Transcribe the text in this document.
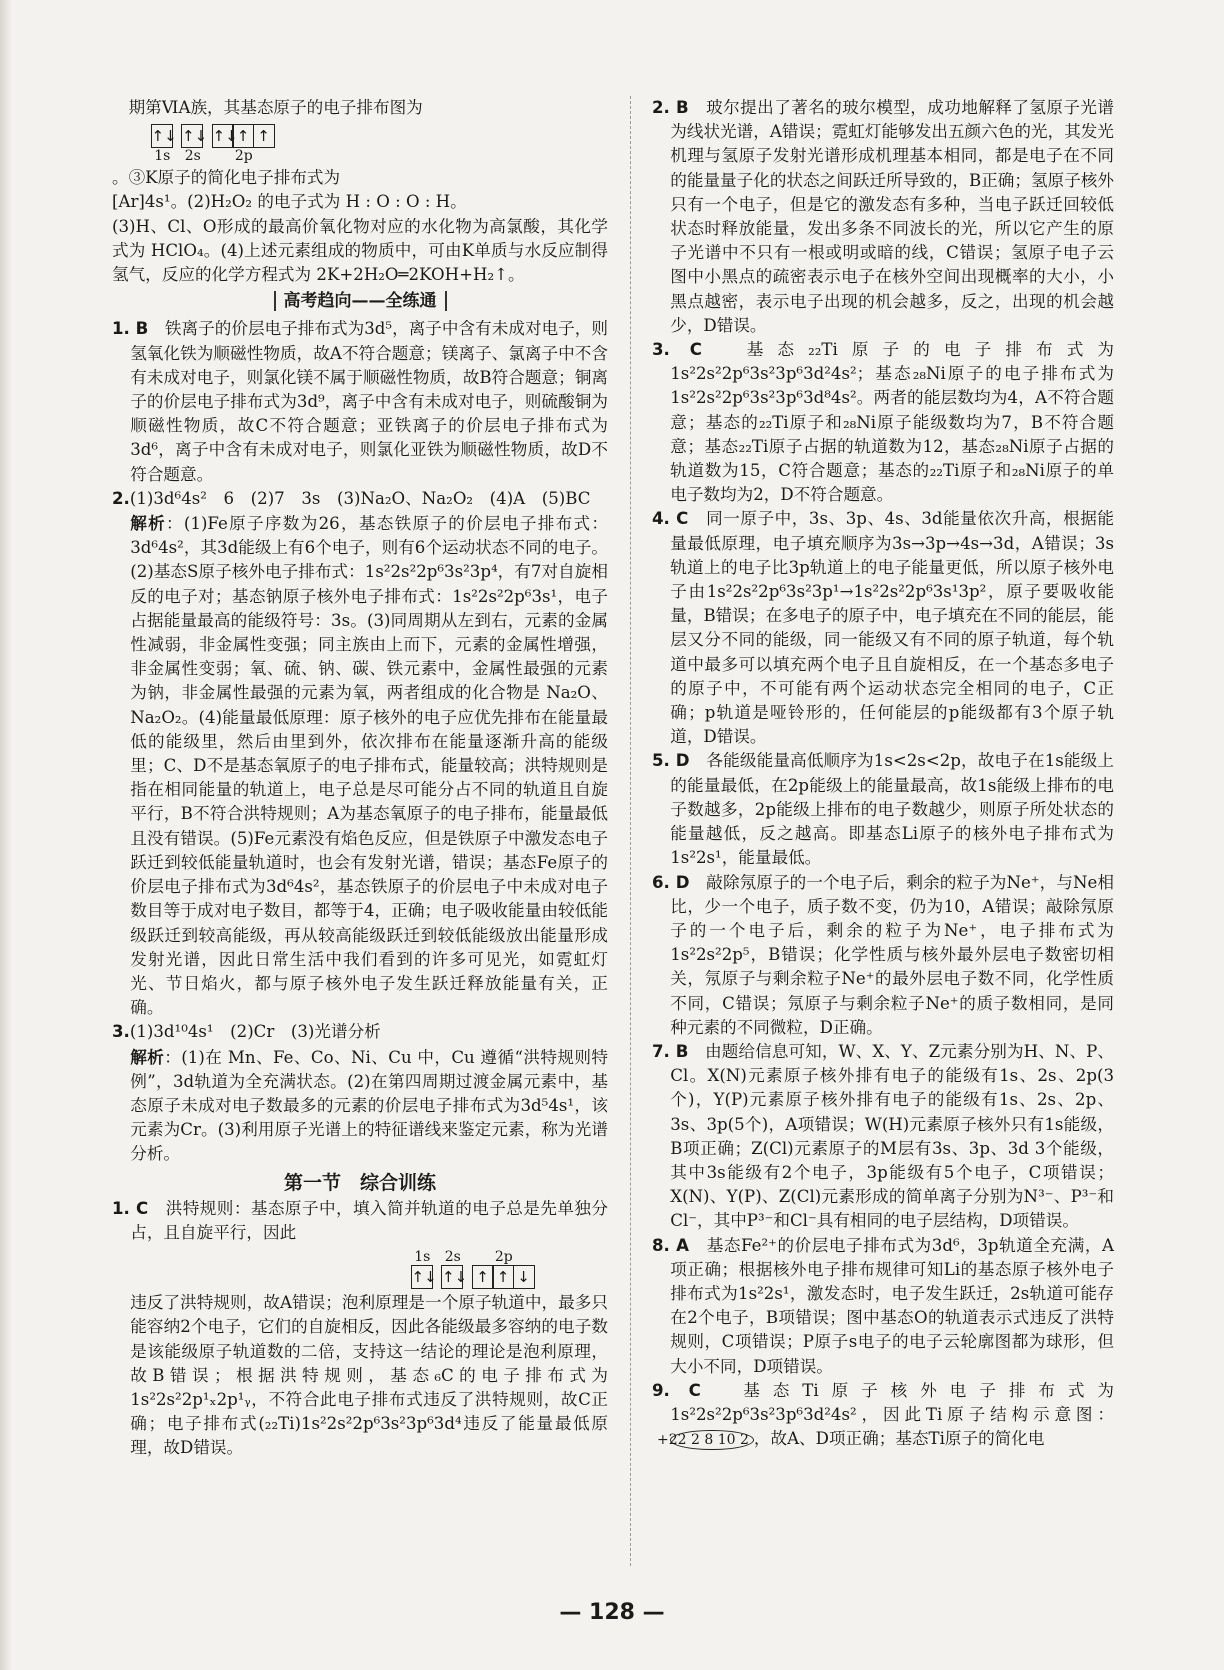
期第ⅥA族，其基态原子的电子排布图为

↑↓
1s
↑↓
2s
↑↓ ↑ ↑
2p

。③K原子的简化电子排布式为

[Ar]4s¹。(2)H₂O₂ 的电子式为 H : O : O : H。

(3)H、Cl、O形成的最高价氧化物对应的水化物为高氯酸，其化学式为 HClO₄。(4)上述元素组成的物质中，可由K单质与水反应制得氢气，反应的化学方程式为 2K+2H₂O═2KOH+H₂↑。

高考趋向——全练通

1. B　 铁离子的价层电子排布式为3d⁵，离子中含有未成对电子，则氢氧化铁为顺磁性物质，故A不符合题意；镁离子、氯离子中不含有未成对电子，则氯化镁不属于顺磁性物质，故B符合题意；铜离子的价层电子排布式为3d⁹，离子中含有未成对电子，则硫酸铜为顺磁性物质，故C不符合题意；亚铁离子的价层电子排布式为3d⁶，离子中含有未成对电子，则氯化亚铁为顺磁性物质，故D不符合题意。

2.(1)3d⁶4s²　6　(2)7　3s　(3)Na₂O、Na₂O₂　(4)A　(5)BC

解析：(1)Fe原子序数为26，基态铁原子的价层电子排布式：3d⁶4s²，其3d能级上有6个电子，则有6个运动状态不同的电子。(2)基态S原子核外电子排布式：1s²2s²2p⁶3s²3p⁴，有7对自旋相反的电子对；基态钠原子核外电子排布式：1s²2s²2p⁶3s¹，电子占据能量最高的能级符号：3s。(3)同周期从左到右，元素的金属性减弱，非金属性变强；同主族由上而下，元素的金属性增强，非金属性变弱；氧、硫、钠、碳、铁元素中，金属性最强的元素为钠，非金属性最强的元素为氧，两者组成的化合物是 Na₂O、Na₂O₂。(4)能量最低原理：原子核外的电子应优先排布在能量最低的能级里，然后由里到外，依次排布在能量逐渐升高的能级里；C、D不是基态氧原子的电子排布式，能量较高；洪特规则是指在相同能量的轨道上，电子总是尽可能分占不同的轨道且自旋平行，B不符合洪特规则；A为基态氧原子的电子排布，能量最低且没有错误。(5)Fe元素没有焰色反应，但是铁原子中激发态电子跃迁到较低能量轨道时，也会有发射光谱，错误；基态Fe原子的价层电子排布式为3d⁶4s²，基态铁原子的价层电子中未成对电子数目等于成对电子数目，都等于4，正确；电子吸收能量由较低能级跃迁到较高能级，再从较高能级跃迁到较低能级放出能量形成发射光谱，因此日常生活中我们看到的许多可见光，如霓虹灯光、节日焰火，都与原子核外电子发生跃迁释放能量有关，正确。

3.(1)3d¹⁰4s¹　(2)Cr　(3)光谱分析

解析：(1)在 Mn、Fe、Co、Ni、Cu 中，Cu 遵循“洪特规则特例”，3d轨道为全充满状态。(2)在第四周期过渡金属元素中，基态原子未成对电子数最多的元素的价层电子排布式为3d⁵4s¹，该元素为Cr。(3)利用原子光谱上的特征谱线来鉴定元素，称为光谱分析。

第一节　综合训练

1. C　 洪特规则：基态原子中，填入简并轨道的电子总是先单独分占，且自旋平行，因此

1s
↑↓
2s
↑↓
2p
↑ ↑ ↓

违反了洪特规则，故A错误；泡利原理是一个原子轨道中，最多只能容纳2个电子，它们的自旋相反，因此各能级最多容纳的电子数是该能级原子轨道数的二倍，支持这一结论的理论是泡利原理，故B错误；根据洪特规则，基态₆C的电子排布式为1s²2s²2p¹ₓ2p¹ᵧ，不符合此电子排布式违反了洪特规则，故C正确；电子排布式(₂₂Ti)1s²2s²2p⁶3s²3p⁶3d⁴违反了能量最低原理，故D错误。

2. B　 玻尔提出了著名的玻尔模型，成功地解释了氢原子光谱为线状光谱，A错误；霓虹灯能够发出五颜六色的光，其发光机理与氢原子发射光谱形成机理基本相同，都是电子在不同的能量量子化的状态之间跃迁所导致的，B正确；氢原子核外只有一个电子，但是它的激发态有多种，当电子跃迁回较低状态时释放能量，发出多条不同波长的光，所以它产生的原子光谱中不只有一根或明或暗的线，C错误；氢原子电子云图中小黑点的疏密表示电子在核外空间出现概率的大小，小黑点越密，表示电子出现的机会越多，反之，出现的机会越少，D错误。

3. C　	基态₂₂Ti原子的电子排布式为1s²2s²2p⁶3s²3p⁶3d²4s²；基态₂₈Ni原子的电子排布式为1s²2s²2p⁶3s²3p⁶3d⁸4s²。两者的能层数均为4，A不符合题意；基态的₂₂Ti原子和₂₈Ni原子能级数均为7，B不符合题意；基态₂₂Ti原子占据的轨道数为12，基态₂₈Ni原子占据的轨道数为15，C符合题意；基态的₂₂Ti原子和₂₈Ni原子的单电子数均为2，D不符合题意。

4. C　 同一原子中，3s、3p、4s、3d能量依次升高，根据能量最低原理，电子填充顺序为3s→3p→4s→3d，A错误；3s轨道上的电子比3p轨道上的电子能量更低，所以原子核外电子由1s²2s²2p⁶3s²3p¹→1s²2s²2p⁶3s¹3p²，原子要吸收能量，B错误；在多电子的原子中，电子填充在不同的能层，能层又分不同的能级，同一能级又有不同的原子轨道，每个轨道中最多可以填充两个电子且自旋相反，在一个基态多电子的原子中，不可能有两个运动状态完全相同的电子，C正确；p轨道是哑铃形的，任何能层的p能级都有3个原子轨道，D错误。

5. D　 各能级能量高低顺序为1s<2s<2p，故电子在1s能级上的能量最低，在2p能级上的能量最高，故1s能级上排布的电子数越多，2p能级上排布的电子数越少，则原子所处状态的能量越低，反之越高。即基态Li原子的核外电子排布式为1s²2s¹，能量最低。

6. D　 敲除氖原子的一个电子后，剩余的粒子为Ne⁺，与Ne相比，少一个电子，质子数不变，仍为10，A错误；敲除氖原子的一个电子后，剩余的粒子为Ne⁺，电子排布式为1s²2s²2p⁵，B错误；化学性质与核外最外层电子数密切相关，氖原子与剩余粒子Ne⁺的最外层电子数不同，化学性质不同，C错误；氖原子与剩余粒子Ne⁺的质子数相同，是同种元素的不同微粒，D正确。

7. B　 由题给信息可知，W、X、Y、Z元素分别为H、N、P、Cl。X(N)元素原子核外排有电子的能级有1s、2s、2p(3个)，Y(P)元素原子核外排有电子的能级有1s、2s、2p、3s、3p(5个)，A项错误；W(H)元素原子核外只有1s能级，B项正确；Z(Cl)元素原子的M层有3s、3p、3d 3个能级，其中3s能级有2个电子，3p能级有5个电子，C项错误；X(N)、Y(P)、Z(Cl)元素形成的简单离子分别为N³⁻、P³⁻和Cl⁻，其中P³⁻和Cl⁻具有相同的电子层结构，D项错误。

8. A　 基态Fe²⁺的价层电子排布式为3d⁶，3p轨道全充满，A项正确；根据核外电子排布规律可知Li的基态原子核外电子排布式为1s²2s¹，激发态时，电子发生跃迁，2s轨道可能存在2个电子，B项错误；图中基态O的轨道表示式违反了洪特规则，C项错误；P原子s电子的电子云轮廓图都为球形，但大小不同，D项错误。

9. C　	基态Ti原子核外电子排布式为1s²2s²2p⁶3s²3p⁶3d²4s²，因此Ti原子结构示意图： +22 2 8 10 2 ，故A、D项正确；基态Ti原子的简化电

— 128 —
